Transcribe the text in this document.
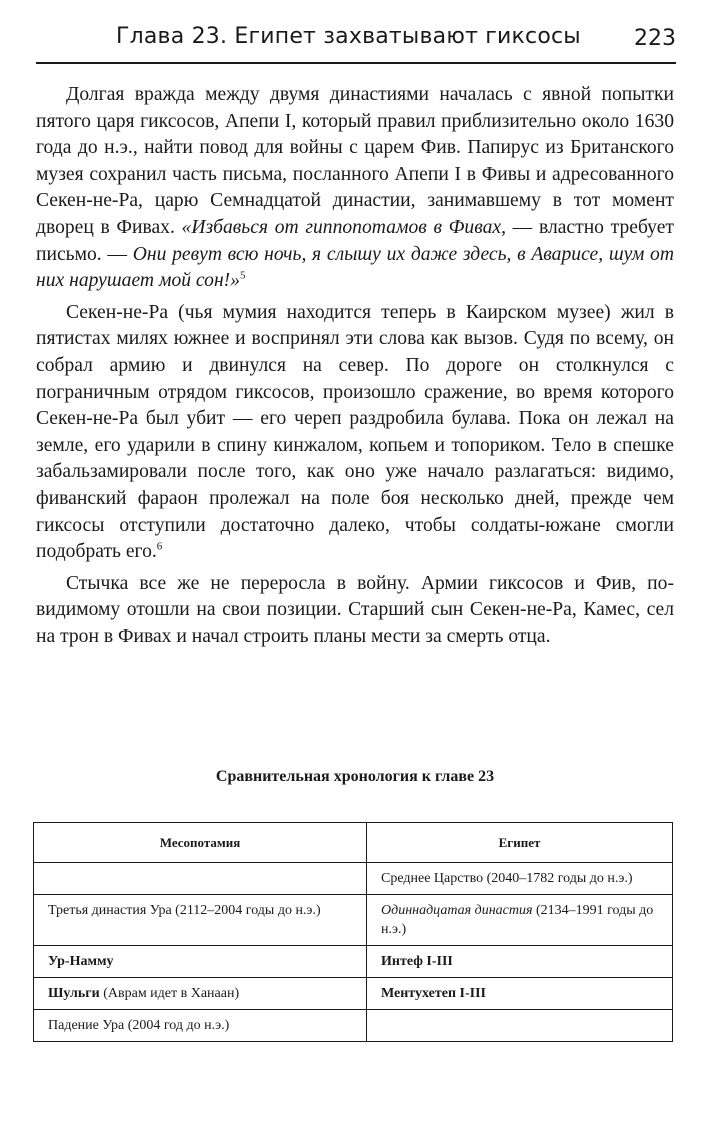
Глава 23. Египет захватывают гиксосы 223

Долгая вражда между двумя династиями началась с явной попытки пятого царя гиксосов, Апепи I, который правил приблизительно около 1630 года до н.э., найти повод для войны с царем Фив. Папирус из Британского музея сохранил часть письма, посланного Апепи I в Фивы и адресованного Секен-не-Ра, царю Семнадцатой династии, занимавшему в тот момент дворец в Фивах. «Избавься от гиппопотамов в Фивах, — властно требует письмо. — Они ревут всю ночь, я слышу их даже здесь, в Аварисе, шум от них нарушает мой сон!»$^5$

Секен-не-Ра (чья мумия находится теперь в Каирском музее) жил в пятистах милях южнее и воспринял эти слова как вызов. Судя по всему, он собрал армию и двинулся на север. По дороге он столкнулся с пограничным отрядом гиксосов, произошло сражение, во время которого Секен-не-Ра был убит — его череп раздробила булава. Пока он лежал на земле, его ударили в спину кинжалом, копьем и топориком. Тело в спешке забальзамировали после того, как оно уже начало разлагаться: видимо, фиванский фараон пролежал на поле боя несколько дней, прежде чем гиксосы отступили достаточно далеко, чтобы солдаты-южане смогли подобрать его.$^6$

Стычка все же не переросла в войну. Армии гиксосов и Фив, по-видимому отошли на свои позиции. Старший сын Секен-не-Ра, Камес, сел на трон в Фивах и начал строить планы мести за смерть отца.

Сравнительная хронология к главе 23
Месопотамия	Египет
	Среднее Царство (2040–1782 годы до н.э.)
Третья династия Ура (2112–2004 годы до н.э.)	Одиннадцатая династия (2134–1991 годы до н.э.)
Ур-Намму	Интеф I-III
Шульги (Аврам идет в Ханаан)	Ментухетеп I-III
Падение Ура (2004 год до н.э.)	
